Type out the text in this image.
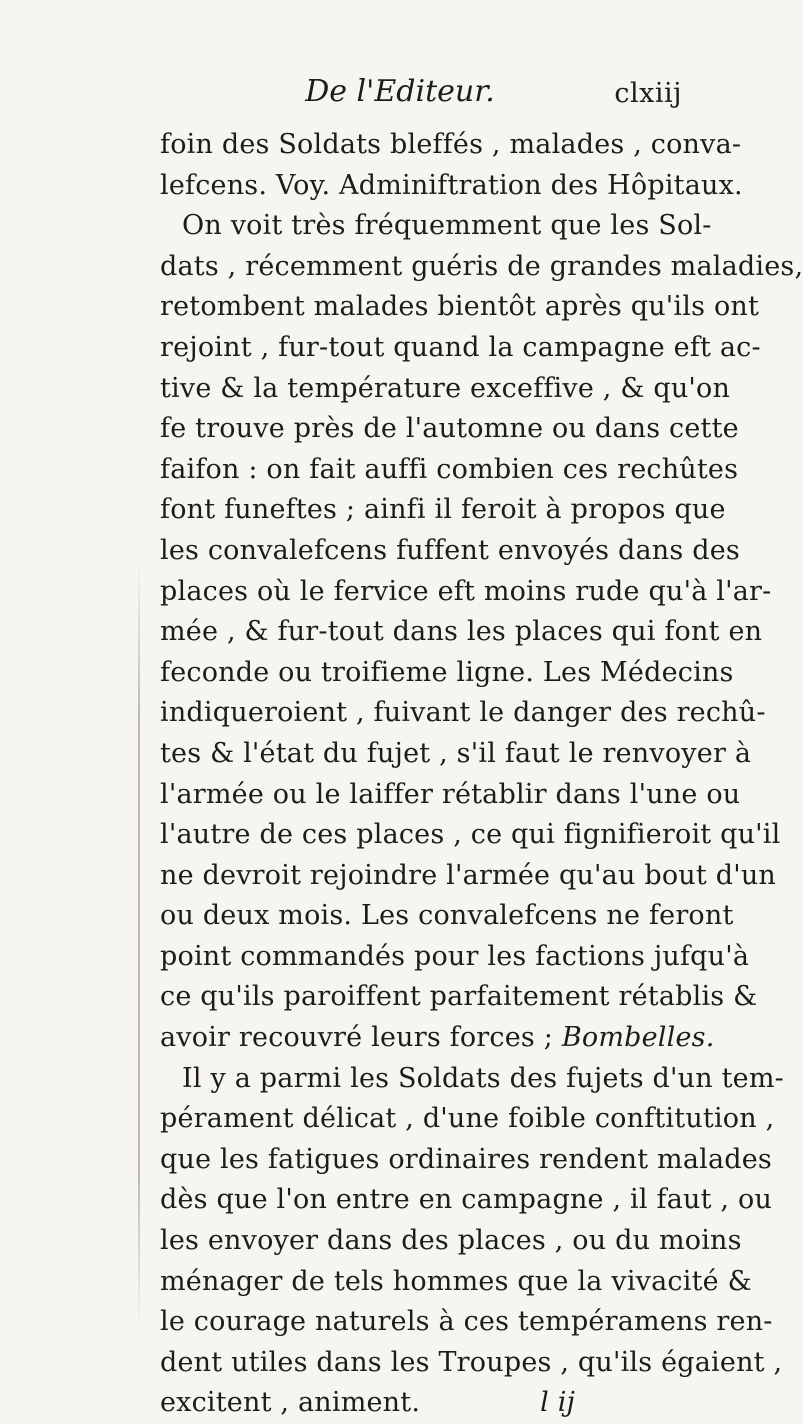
De l'Editeur.	clxiij
foin des Soldats bleffés , malades , conva-
lefcens. Voy. Adminiftration des Hôpitaux.
On voit très fréquemment que les Sol-
dats , récemment guéris de grandes maladies,
retombent malades bientôt après qu'ils ont
rejoint , fur-tout quand la campagne eft ac-
tive & la température exceffive , & qu'on
fe trouve près de l'automne ou dans cette
faifon : on fait auffi combien ces rechûtes
font funeftes ; ainfi il feroit à propos que
les convalefcens fuffent envoyés dans des
places où le fervice eft moins rude qu'à l'ar-
mée , & fur-tout dans les places qui font en
feconde ou troifieme ligne. Les Médecins
indiqueroient , fuivant le danger des rechû-
tes & l'état du fujet , s'il faut le renvoyer à
l'armée ou le laiffer rétablir dans l'une ou
l'autre de ces places , ce qui fignifieroit qu'il
ne devroit rejoindre l'armée qu'au bout d'un
ou deux mois. Les convalefcens ne feront
point commandés pour les factions jufqu'à
ce qu'ils paroiffent parfaitement rétablis &
avoir recouvré leurs forces ; Bombelles.
Il y a parmi les Soldats des fujets d'un tem-
pérament délicat , d'une foible conftitution ,
que les fatigues ordinaires rendent malades
dès que l'on entre en campagne , il faut , ou
les envoyer dans des places , ou du moins
ménager de tels hommes que la vivacité &
le courage naturels à ces tempéramens ren-
dent utiles dans les Troupes , qu'ils égaient ,
excitent , animent.	l ij
